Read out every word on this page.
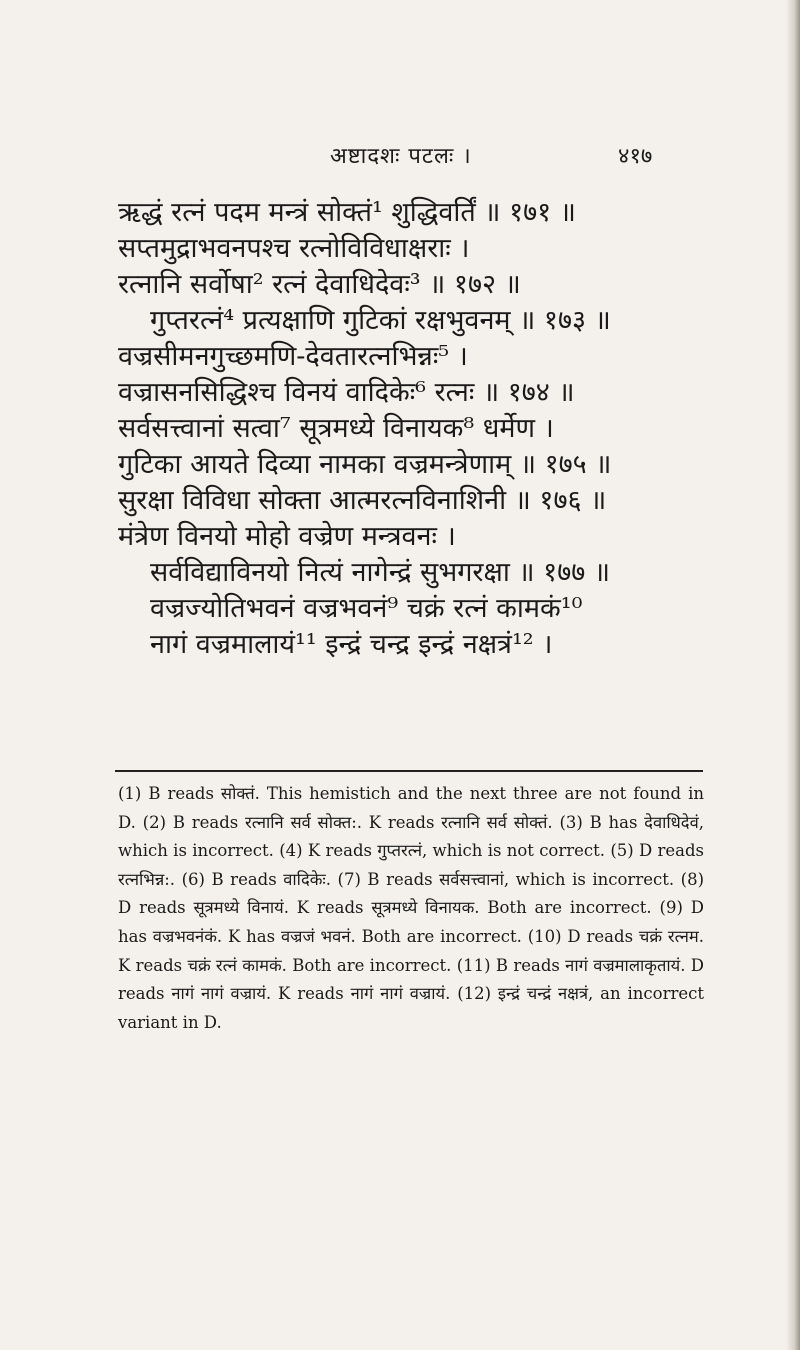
अष्टादशः पटलः ।	४१७
ऋद्धं रत्नं पदम मन्त्रं सोक्तं¹ शुद्धिवर्तिं ॥ १७१ ॥
सप्तमुद्राभवनपश्च रत्नोविविधाक्षराः ।
रत्नानि सर्वोषा² रत्नं देवाधिदेवः³ ॥ १७२ ॥
गुप्तरत्नं⁴ प्रत्यक्षाणि गुटिकां रक्षभुवनम् ॥ १७३ ॥
वज्रसीमनगुच्छमणि-देवतारत्नभिन्नः⁵ ।
वज्रासनसिद्धिश्च विनयं वादिकेः⁶ रत्नः ॥ १७४ ॥
सर्वसत्त्वानां सत्वा⁷ सूत्रमध्ये विनायक⁸ धर्मेण ।
गुटिका आयते दिव्या नामका वज्रमन्त्रेणाम् ॥ १७५ ॥
सुरक्षा विविधा सोक्ता आत्मरत्नविनाशिनी ॥ १७६ ॥
मंत्रेण विनयो मोहो वज्रेण मन्त्रवनः ।
सर्वविद्याविनयो नित्यं नागेन्द्रं सुभगरक्षा ॥ १७७ ॥
वज्रज्योतिभवनं वज्रभवनं⁹ चक्रं रत्नं कामकं¹⁰
नागं वज्रमालायं¹¹ इन्द्रं चन्द्र इन्द्रं नक्षत्रं¹² ।

(1) B reads सोक्तं. This hemistich and the next three are not found in D. (2) B reads रत्नानि सर्व सोक्त:. K reads रत्नानि सर्व सोक्तं. (3) B has देवाधिदेवं, which is incorrect. (4) K reads गुप्तरत्नं, which is not correct. (5) D reads रत्नभिन्न:. (6) B reads वादिकेः. (7) B reads सर्वसत्त्वानां, which is incorrect. (8) D reads सूत्रमध्ये विनायं. K reads सूत्रमध्ये विनायक. Both are incorrect. (9) D has वज्रभवनंकं. K has वज्रजं भवनं. Both are incorrect. (10) D reads चक्रं रत्नम. K reads चक्रं रत्नं कामकं. Both are incorrect. (11) B reads नागं वज्रमालाकृतायं. D reads नागं नागं वज्रायं. K reads नागं नागं वज्रायं. (12) इन्द्रं चन्द्रं नक्षत्रं, an incorrect variant in D.
